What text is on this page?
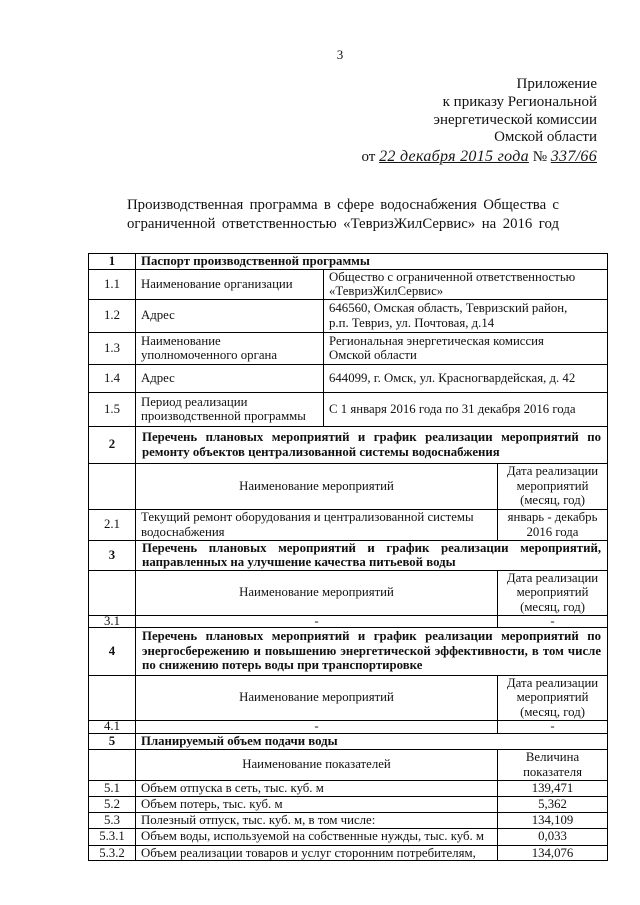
3
Приложение
к приказу Региональной
энергетической комиссии
Омской области
от 22 декабря 2015 года № 337/66
Производственная программа в сфере водоснабжения Общества с
ограниченной ответственностью «ТевризЖилСервис» на 2016 год
1	Паспорт производственной программы		
1.1	Наименование организации	Общество с ограниченной ответственностью
«ТевризЖилСервис»	
1.2	Адрес	646560, Омская область, Тевризский район,
р.п. Тевриз, ул. Почтовая, д.14	
1.3	Наименование
уполномоченного органа	Региональная энергетическая комиссия
Омской области	
1.4	Адрес	644099, г. Омск, ул. Красногвардейская, д. 42	
1.5	Период реализации
производственной программы	С 1 января 2016 года по 31 декабря 2016 года	
2	Перечень плановых мероприятий и график реализации мероприятий по
ремонту объектов централизованной системы водоснабжения		

	Наименование мероприятий		Дата реализации
мероприятий
(месяц, год)
2.1	Текущий ремонт оборудования и централизованной системы
водоснабжения		январь - декабрь
2016 года
3	Перечень плановых мероприятий и график реализации мероприятий,
направленных на улучшение качества питьевой воды		

	Наименование мероприятий		Дата реализации
мероприятий
(месяц, год)
3.1	-		-
4	Перечень плановых мероприятий и график реализации мероприятий по
энергосбережению и повышению энергетической эффективности, в том числе
по снижению потерь воды при транспортировке		

	Наименование мероприятий		Дата реализации
мероприятий
(месяц, год)
4.1	-		-
5	Планируемый объем подачи воды		
	Наименование показателей		Величина
показателя
5.1	Объем отпуска в сеть, тыс. куб. м		139,471
5.2	Объем потерь, тыс. куб. м		5,362
5.3	Полезный отпуск, тыс. куб. м, в том числе:		134,109
5.3.1	Объем воды, используемой на собственные нужды, тыс. куб. м		0,033
5.3.2	Объем реализации товаров и услуг сторонним потребителям,		134,076
